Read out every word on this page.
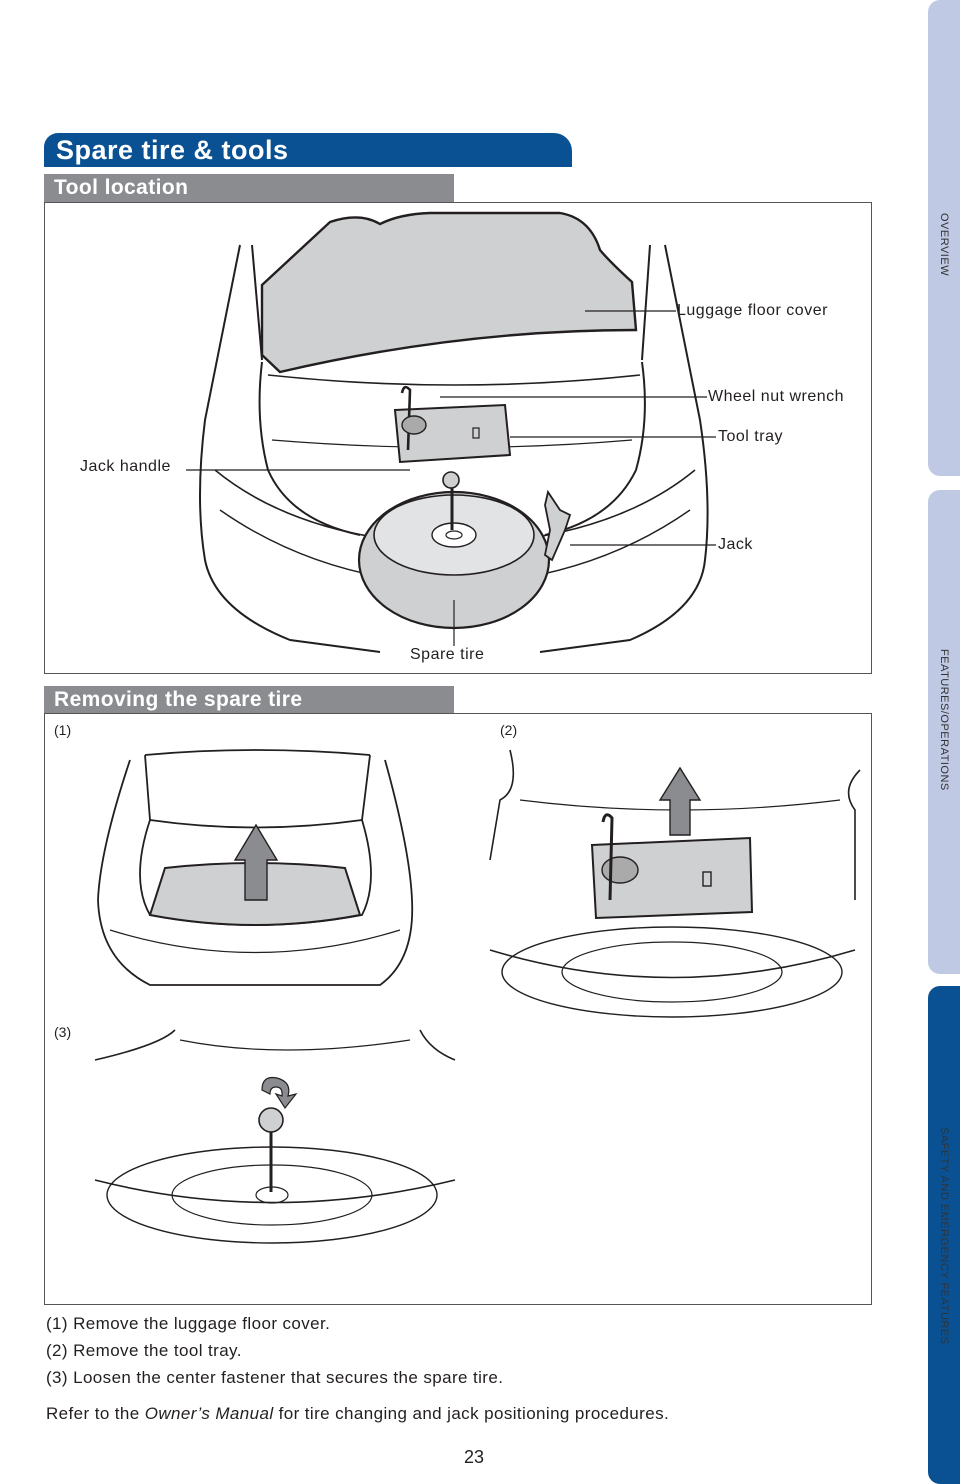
OVERVIEW
FEATURES/OPERATIONS
SAFETY AND EMERGENCY FEATURES
Spare tire & tools
Tool location
Luggage floor cover
Wheel nut wrench
Tool tray
Jack handle
Jack
Spare tire
Removing the spare tire
(1)	(2)
(3)
(1) Remove the luggage floor cover.
(2) Remove the tool tray.
(3) Loosen the center fastener that secures the spare tire.
Refer to the Owner’s Manual for tire changing and jack positioning procedures.
23
